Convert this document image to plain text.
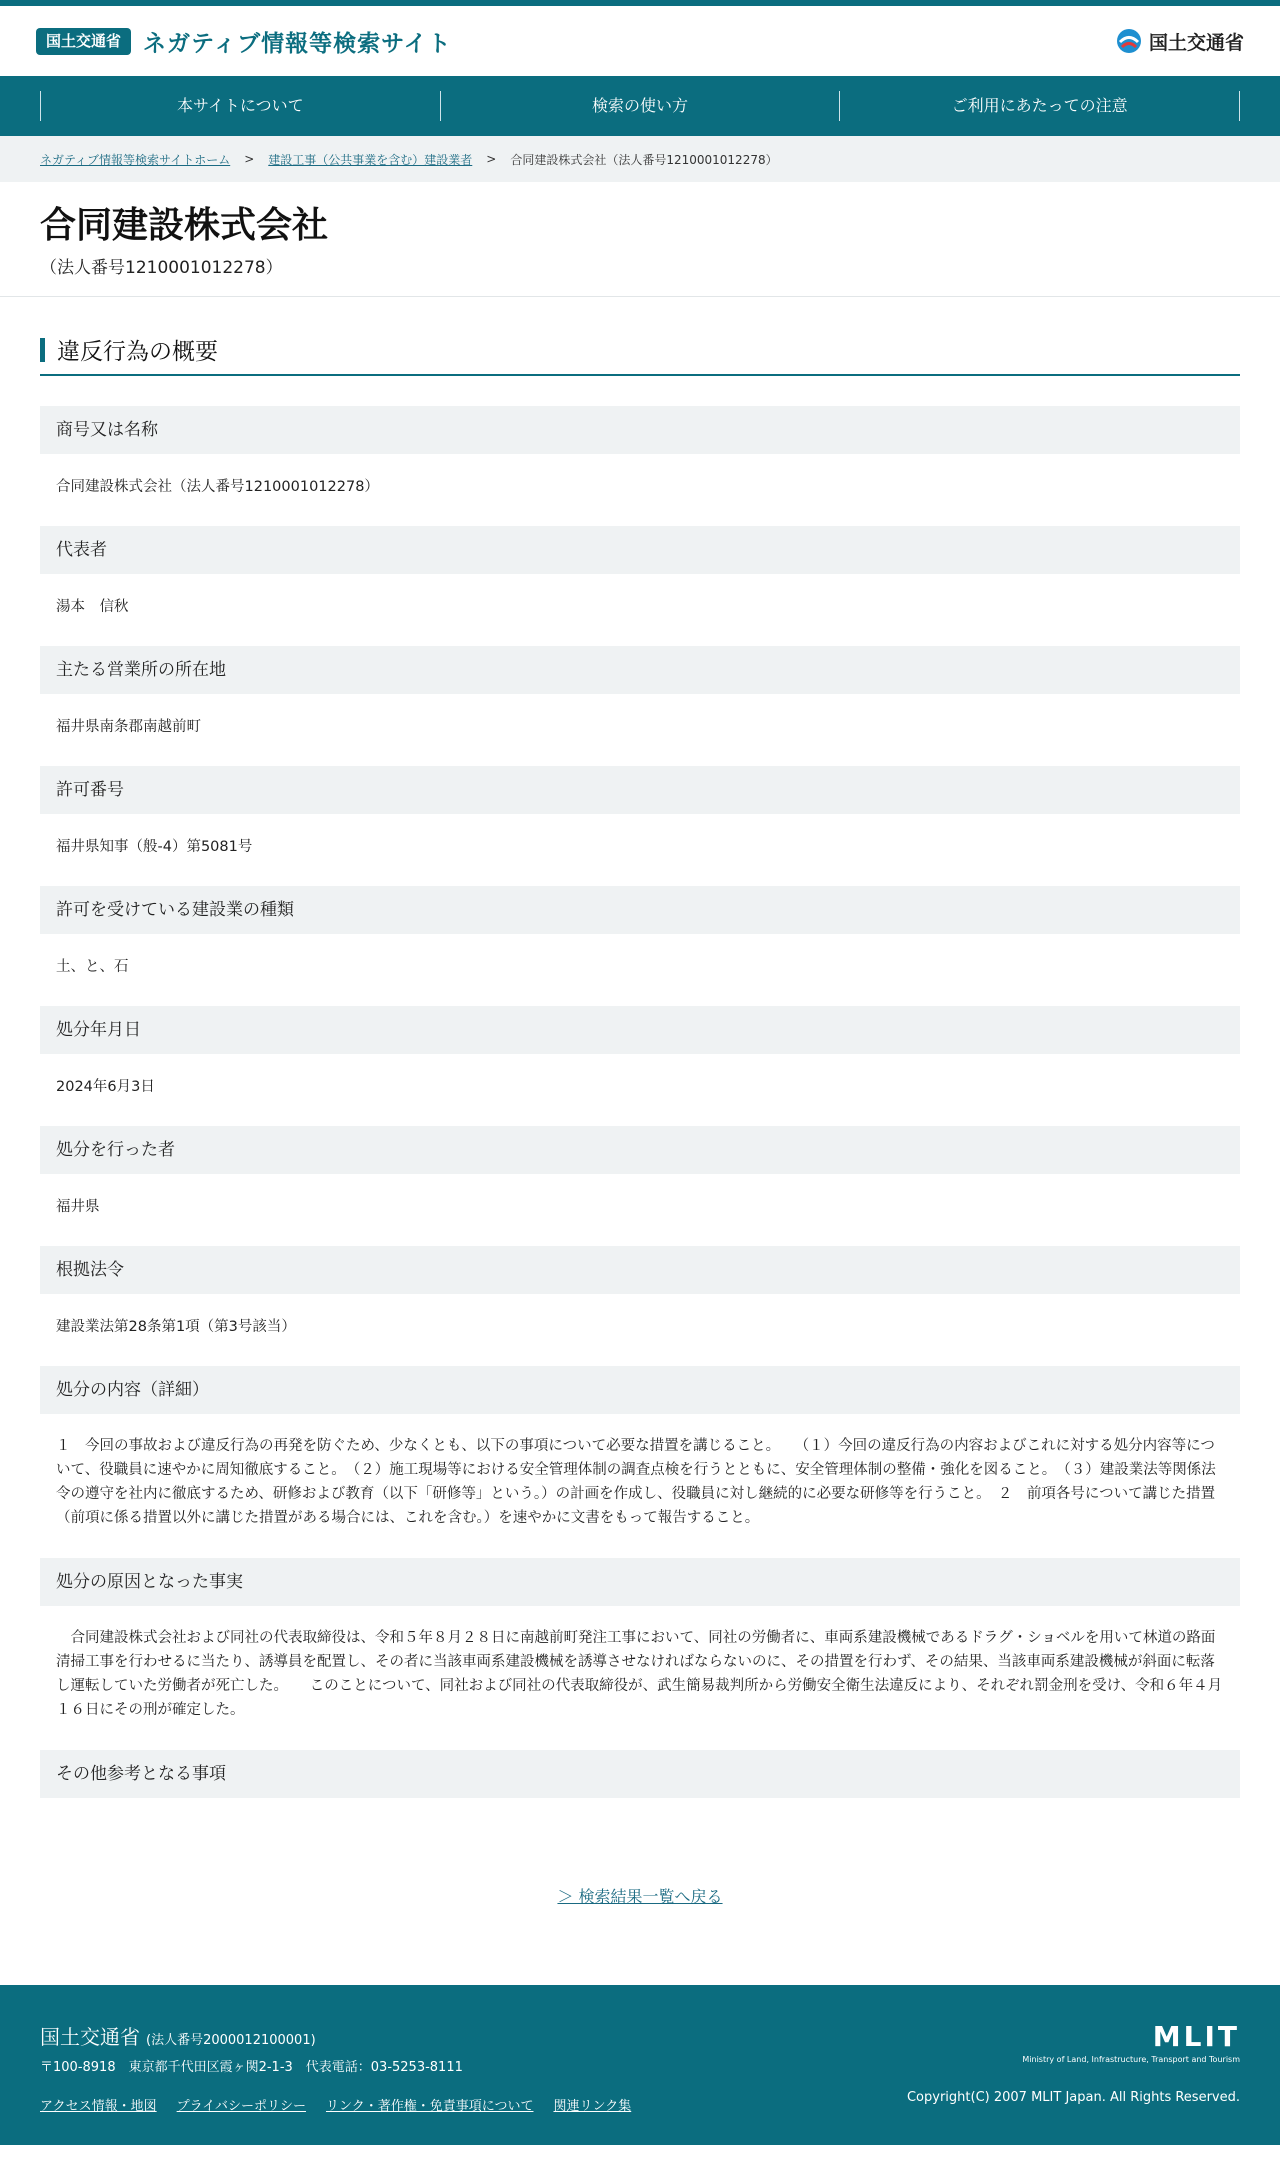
国土交通省 ネガティブ情報等検索サイト	国土交通省
本サイトについて	検索の使い方	ご利用にあたっての注意
ネガティブ情報等検索サイトホーム > 建設工事（公共事業を含む）建設業者 > 合同建設株式会社（法人番号1210001012278）
合同建設株式会社
（法人番号1210001012278）
違反行為の概要
商号又は名称
合同建設株式会社（法人番号1210001012278）
代表者
湯本　信秋
主たる営業所の所在地
福井県南条郡南越前町
許可番号
福井県知事（般-4）第5081号
許可を受けている建設業の種類
土、と、石
処分年月日
2024年6月3日
処分を行った者
福井県
根拠法令
建設業法第28条第1項（第3号該当）
処分の内容（詳細）
１　今回の事故および違反行為の再発を防ぐため、少なくとも、以下の事項について必要な措置を講じること。　　（１）今回の違反行為の内容およびこれに対する処分内容等について、役職員に速やかに周知徹底すること。　（２）施工現場等における安全管理体制の調査点検を行うとともに、安全管理体制の整備・強化を図ること。　（３）建設業法等関係法令の遵守を社内に徹底するため、研修および教育（以下「研修等」という。）の計画を作成し、役職員に対し継続的に必要な研修等を行うこと。　２　前項各号について講じた措置（前項に係る措置以外に講じた措置がある場合には、これを含む。）を速やかに文書をもって報告すること。
処分の原因となった事実
　合同建設株式会社および同社の代表取締役は、令和５年８月２８日に南越前町発注工事において、同社の労働者に、車両系建設機械であるドラグ・ショベルを用いて林道の路面清掃工事を行わせるに当たり、誘導員を配置し、その者に当該車両系建設機械を誘導させなければならないのに、その措置を行わず、その結果、当該車両系建設機械が斜面に転落し運転していた労働者が死亡した。　　このことについて、同社および同社の代表取締役が、武生簡易裁判所から労働安全衛生法違反により、それぞれ罰金刑を受け、令和６年４月１６日にその刑が確定した。
その他参考となる事項
＞ 検索結果一覧へ戻る
国土交通省 (法人番号2000012100001)
〒100-8918　東京都千代田区霞ヶ関2-1-3　代表電話：03-5253-8111
アクセス情報・地図 プライバシーポリシー リンク・著作権・免責事項について 関連リンク集
MLIT
Ministry of Land, Infrastructure, Transport and Tourism
Copyright(C) 2007 MLIT Japan. All Rights Reserved.
